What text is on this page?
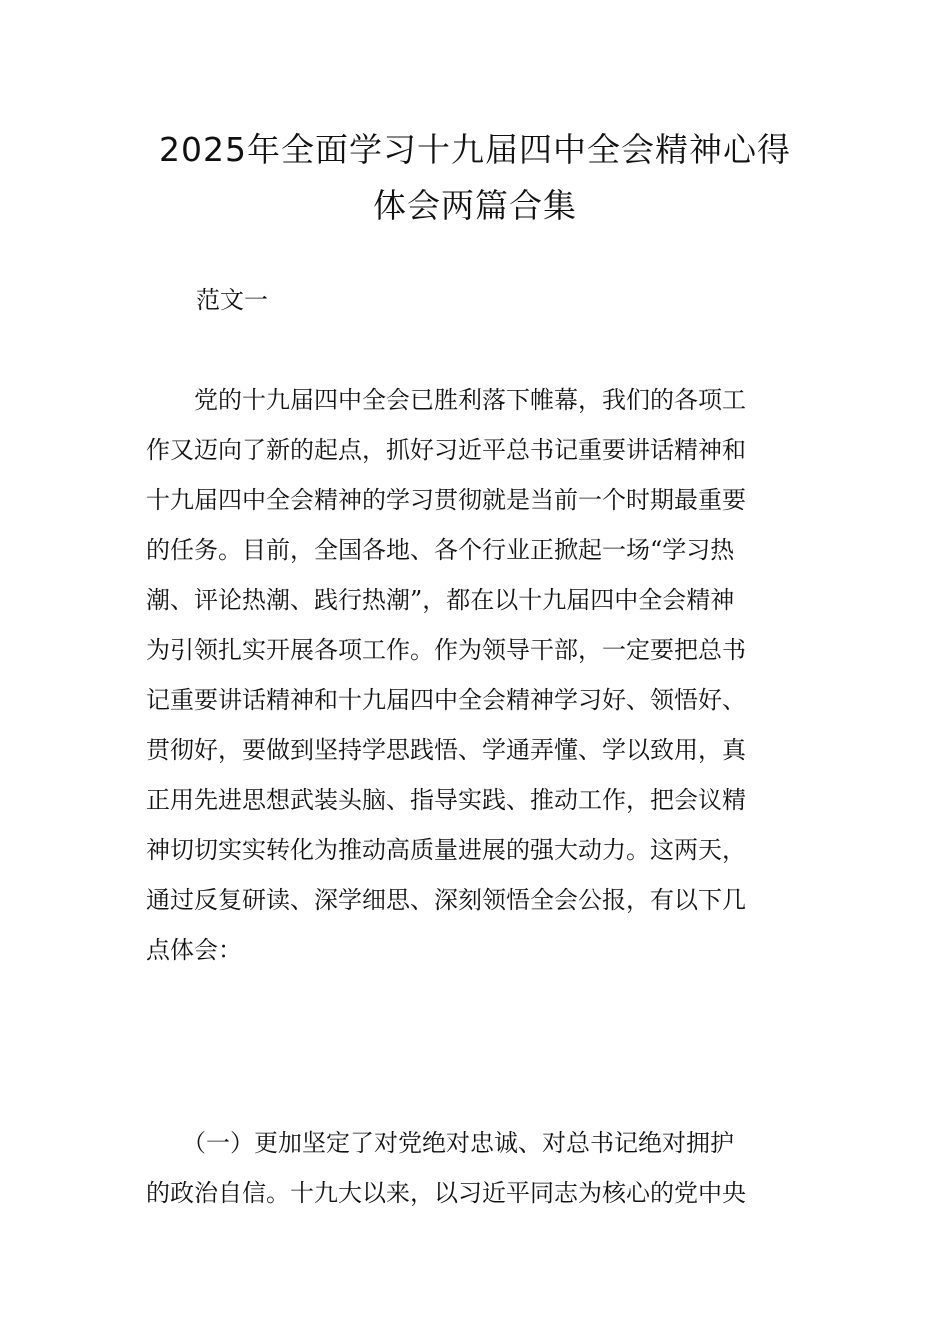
2025年全面学习十九届四中全会精神心得
体会两篇合集
范文一

　　党的十九届四中全会已胜利落下帷幕，我们的各项工
作又迈向了新的起点，抓好习近平总书记重要讲话精神和
十九届四中全会精神的学习贯彻就是当前一个时期最重要
的任务。目前，全国各地、各个行业正掀起一场“学习热
潮、评论热潮、践行热潮”，都在以十九届四中全会精神
为引领扎实开展各项工作。作为领导干部，一定要把总书
记重要讲话精神和十九届四中全会精神学习好、领悟好、
贯彻好，要做到坚持学思践悟、学通弄懂、学以致用，真
正用先进思想武装头脑、指导实践、推动工作，把会议精
神切切实实转化为推动高质量进展的强大动力。这两天，
通过反复研读、深学细思、深刻领悟全会公报，有以下几
点体会：

　　（一）更加坚定了对党绝对忠诚、对总书记绝对拥护
的政治自信。十九大以来，以习近平同志为核心的党中央
